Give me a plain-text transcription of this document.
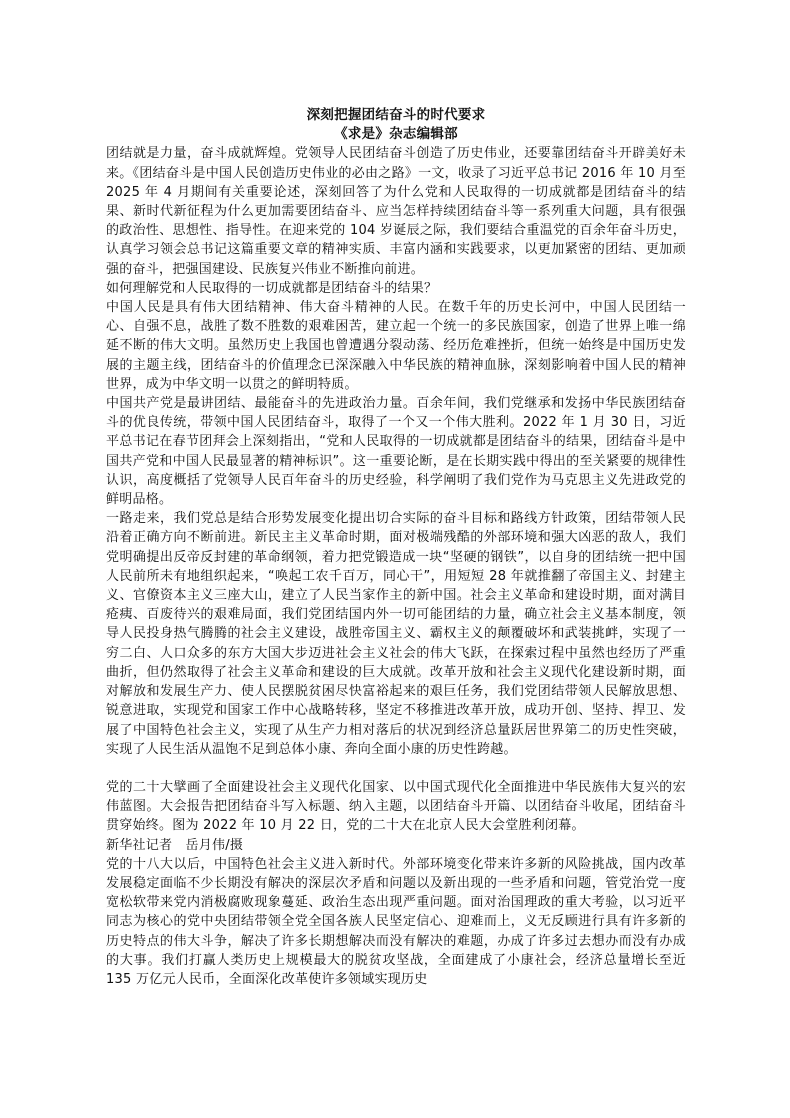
深刻把握团结奋斗的时代要求

《求是》杂志编辑部

团结就是力量，奋斗成就辉煌。党领导人民团结奋斗创造了历史伟业，还要靠团结奋斗开辟美好未来。《团结奋斗是中国人民创造历史伟业的必由之路》一文，收录了习近平总书记 2016 年 10 月至 2025 年 4 月期间有关重要论述，深刻回答了为什么党和人民取得的一切成就都是团结奋斗的结果、新时代新征程为什么更加需要团结奋斗、应当怎样持续团结奋斗等一系列重大问题，具有很强的政治性、思想性、指导性。在迎来党的 104 岁诞辰之际，我们要结合重温党的百余年奋斗历史，认真学习领会总书记这篇重要文章的精神实质、丰富内涵和实践要求，以更加紧密的团结、更加顽强的奋斗，把强国建设、民族复兴伟业不断推向前进。

如何理解党和人民取得的一切成就都是团结奋斗的结果？

中国人民是具有伟大团结精神、伟大奋斗精神的人民。在数千年的历史长河中，中国人民团结一心、自强不息，战胜了数不胜数的艰难困苦，建立起一个统一的多民族国家，创造了世界上唯一绵延不断的伟大文明。虽然历史上我国也曾遭遇分裂动荡、经历危难挫折，但统一始终是中国历史发展的主题主线，团结奋斗的价值理念已深深融入中华民族的精神血脉，深刻影响着中国人民的精神世界，成为中华文明一以贯之的鲜明特质。

中国共产党是最讲团结、最能奋斗的先进政治力量。百余年间，我们党继承和发扬中华民族团结奋斗的优良传统，带领中国人民团结奋斗，取得了一个又一个伟大胜利。2022 年 1 月 30 日，习近平总书记在春节团拜会上深刻指出，“党和人民取得的一切成就都是团结奋斗的结果，团结奋斗是中国共产党和中国人民最显著的精神标识”。这一重要论断，是在长期实践中得出的至关紧要的规律性认识，高度概括了党领导人民百年奋斗的历史经验，科学阐明了我们党作为马克思主义先进政党的鲜明品格。

一路走来，我们党总是结合形势发展变化提出切合实际的奋斗目标和路线方针政策，团结带领人民沿着正确方向不断前进。新民主主义革命时期，面对极端残酷的外部环境和强大凶恶的敌人，我们党明确提出反帝反封建的革命纲领，着力把党锻造成一块“坚硬的钢铁”，以自身的团结统一把中国人民前所未有地组织起来，“唤起工农千百万，同心干”，用短短 28 年就推翻了帝国主义、封建主义、官僚资本主义三座大山，建立了人民当家作主的新中国。社会主义革命和建设时期，面对满目疮痍、百废待兴的艰难局面，我们党团结国内外一切可能团结的力量，确立社会主义基本制度，领导人民投身热气腾腾的社会主义建设，战胜帝国主义、霸权主义的颠覆破坏和武装挑衅，实现了一穷二白、人口众多的东方大国大步迈进社会主义社会的伟大飞跃，在探索过程中虽然也经历了严重曲折，但仍然取得了社会主义革命和建设的巨大成就。改革开放和社会主义现代化建设新时期，面对解放和发展生产力、使人民摆脱贫困尽快富裕起来的艰巨任务，我们党团结带领人民解放思想、锐意进取，实现党和国家工作中心战略转移，坚定不移推进改革开放，成功开创、坚持、捍卫、发展了中国特色社会主义，实现了从生产力相对落后的状况到经济总量跃居世界第二的历史性突破，实现了人民生活从温饱不足到总体小康、奔向全面小康的历史性跨越。

党的二十大擘画了全面建设社会主义现代化国家、以中国式现代化全面推进中华民族伟大复兴的宏伟蓝图。大会报告把团结奋斗写入标题、纳入主题，以团结奋斗开篇、以团结奋斗收尾，团结奋斗贯穿始终。图为 2022 年 10 月 22 日，党的二十大在北京人民大会堂胜利闭幕。

新华社记者　岳月伟/摄

党的十八大以后，中国特色社会主义进入新时代。外部环境变化带来许多新的风险挑战，国内改革发展稳定面临不少长期没有解决的深层次矛盾和问题以及新出现的一些矛盾和问题，管党治党一度宽松软带来党内消极腐败现象蔓延、政治生态出现严重问题。面对治国理政的重大考验，以习近平同志为核心的党中央团结带领全党全国各族人民坚定信心、迎难而上，义无反顾进行具有许多新的历史特点的伟大斗争，解决了许多长期想解决而没有解决的难题，办成了许多过去想办而没有办成的大事。我们打赢人类历史上规模最大的脱贫攻坚战，全面建成了小康社会，经济总量增长至近 135 万亿元人民币，全面深化改革使许多领域实现历史
